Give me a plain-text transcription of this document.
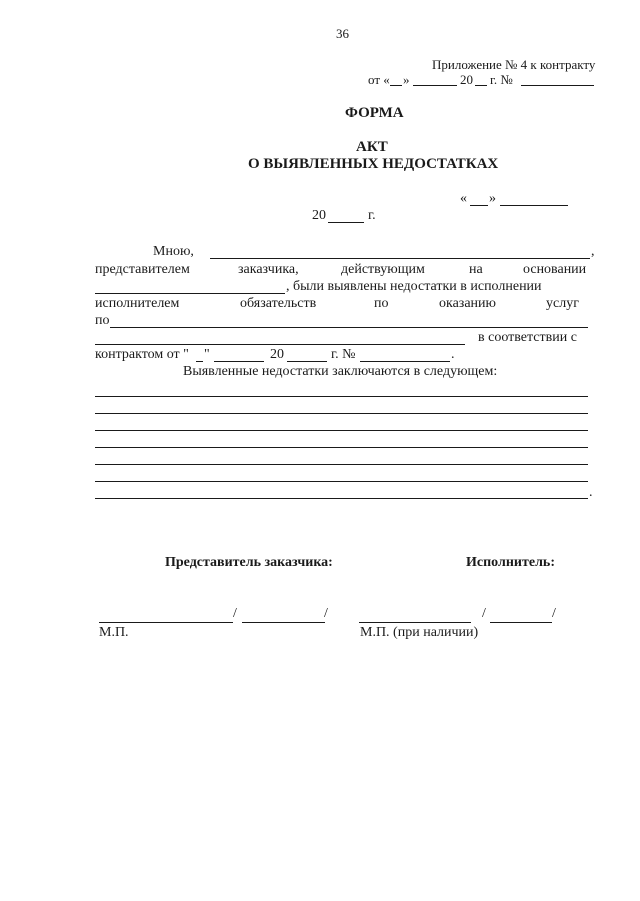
36
Приложение № 4 к контракту
от « »	20 г. №
ФОРМА
АКТ
О ВЫЯВЛЕННЫХ НЕДОСТАТКАХ
« »
20	г.
Мною,	,
представителем	заказчика,	действующим	на	основании
, были выявлены недостатки в исполнении
исполнителем	обязательств	по	оказанию	услуг
по
в соответствии с
контрактом от " "	20	г. №	.
Выявленные недостатки заключаются в следующем:
.
Представитель заказчика:	Исполнитель:
/	/	/	/
М.П.	М.П. (при наличии)
